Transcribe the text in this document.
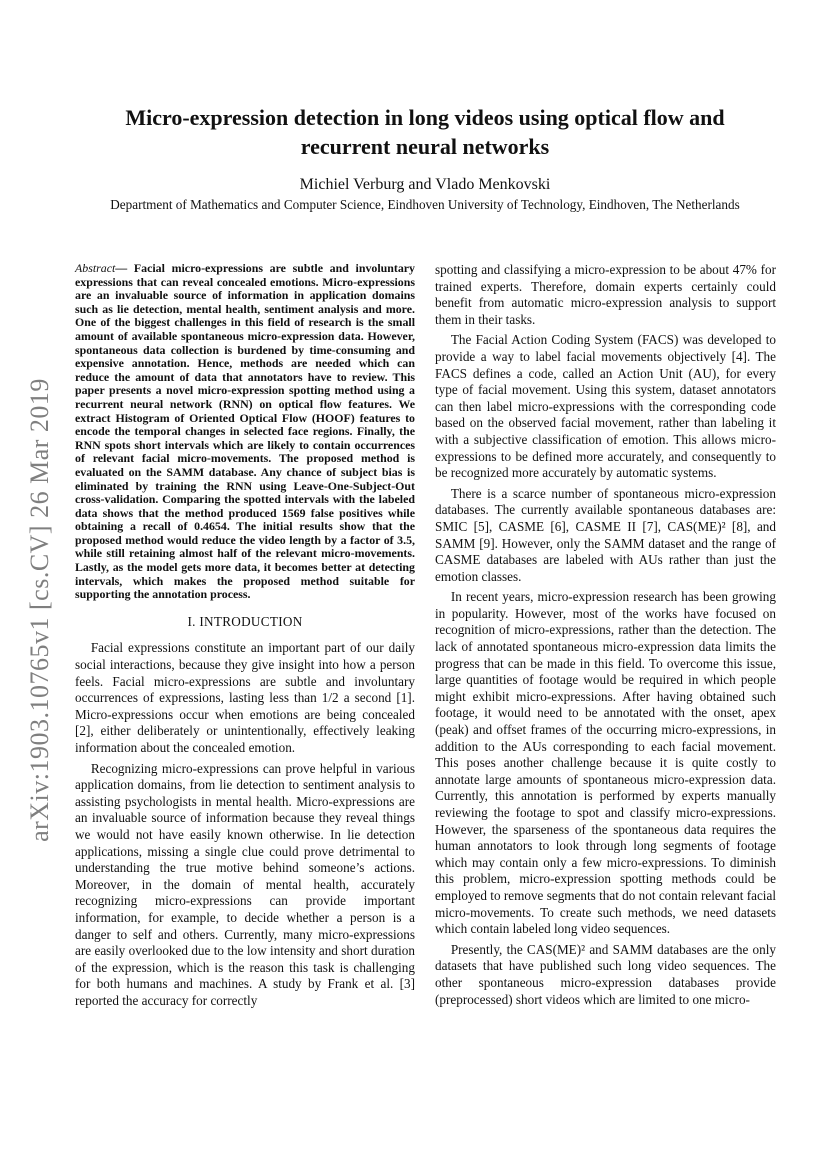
arXiv:1903.10765v1 [cs.CV] 26 Mar 2019
Micro-expression detection in long videos using optical flow and recurrent neural networks
Michiel Verburg and Vlado Menkovski
Department of Mathematics and Computer Science, Eindhoven University of Technology, Eindhoven, The Netherlands
Abstract— Facial micro-expressions are subtle and involuntary expressions that can reveal concealed emotions. Micro-expressions are an invaluable source of information in application domains such as lie detection, mental health, sentiment analysis and more. One of the biggest challenges in this field of research is the small amount of available spontaneous micro-expression data. However, spontaneous data collection is burdened by time-consuming and expensive annotation. Hence, methods are needed which can reduce the amount of data that annotators have to review. This paper presents a novel micro-expression spotting method using a recurrent neural network (RNN) on optical flow features. We extract Histogram of Oriented Optical Flow (HOOF) features to encode the temporal changes in selected face regions. Finally, the RNN spots short intervals which are likely to contain occurrences of relevant facial micro-movements. The proposed method is evaluated on the SAMM database. Any chance of subject bias is eliminated by training the RNN using Leave-One-Subject-Out cross-validation. Comparing the spotted intervals with the labeled data shows that the method produced 1569 false positives while obtaining a recall of 0.4654. The initial results show that the proposed method would reduce the video length by a factor of 3.5, while still retaining almost half of the relevant micro-movements. Lastly, as the model gets more data, it becomes better at detecting intervals, which makes the proposed method suitable for supporting the annotation process.
I. INTRODUCTION

Facial expressions constitute an important part of our daily social interactions, because they give insight into how a person feels. Facial micro-expressions are subtle and involuntary occurrences of expressions, lasting less than 1/2 a second [1]. Micro-expressions occur when emotions are being concealed [2], either deliberately or unintentionally, effectively leaking information about the concealed emotion.

Recognizing micro-expressions can prove helpful in various application domains, from lie detection to sentiment analysis to assisting psychologists in mental health. Micro-expressions are an invaluable source of information because they reveal things we would not have easily known otherwise. In lie detection applications, missing a single clue could prove detrimental to understanding the true motive behind someone’s actions. Moreover, in the domain of mental health, accurately recognizing micro-expressions can provide important information, for example, to decide whether a person is a danger to self and others. Currently, many micro-expressions are easily overlooked due to the low intensity and short duration of the expression, which is the reason this task is challenging for both humans and machines. A study by Frank et al. [3] reported the accuracy for correctly

spotting and classifying a micro-expression to be about 47% for trained experts. Therefore, domain experts certainly could benefit from automatic micro-expression analysis to support them in their tasks.

The Facial Action Coding System (FACS) was developed to provide a way to label facial movements objectively [4]. The FACS defines a code, called an Action Unit (AU), for every type of facial movement. Using this system, dataset annotators can then label micro-expressions with the corresponding code based on the observed facial movement, rather than labeling it with a subjective classification of emotion. This allows micro-expressions to be defined more accurately, and consequently to be recognized more accurately by automatic systems.

There is a scarce number of spontaneous micro-expression databases. The currently available spontaneous databases are: SMIC [5], CASME [6], CASME II [7], CAS(ME)² [8], and SAMM [9]. However, only the SAMM dataset and the range of CASME databases are labeled with AUs rather than just the emotion classes.

In recent years, micro-expression research has been growing in popularity. However, most of the works have focused on recognition of micro-expressions, rather than the detection. The lack of annotated spontaneous micro-expression data limits the progress that can be made in this field. To overcome this issue, large quantities of footage would be required in which people might exhibit micro-expressions. After having obtained such footage, it would need to be annotated with the onset, apex (peak) and offset frames of the occurring micro-expressions, in addition to the AUs corresponding to each facial movement. This poses another challenge because it is quite costly to annotate large amounts of spontaneous micro-expression data. Currently, this annotation is performed by experts manually reviewing the footage to spot and classify micro-expressions. However, the sparseness of the spontaneous data requires the human annotators to look through long segments of footage which may contain only a few micro-expressions. To diminish this problem, micro-expression spotting methods could be employed to remove segments that do not contain relevant facial micro-movements. To create such methods, we need datasets which contain labeled long video sequences.

Presently, the CAS(ME)² and SAMM databases are the only datasets that have published such long video sequences. The other spontaneous micro-expression databases provide (preprocessed) short videos which are limited to one micro-
